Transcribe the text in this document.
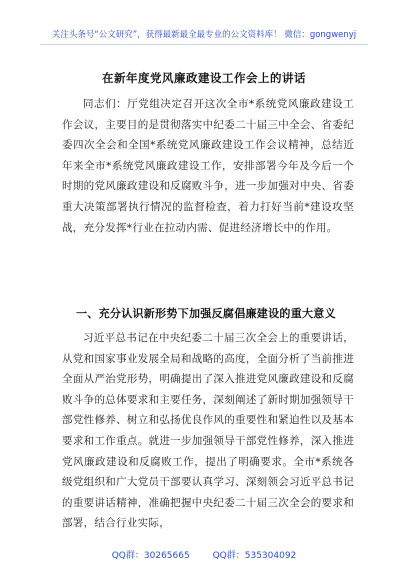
关注头条号“公文研究”，获得最新最全最专业的公文资料库！ 微信：gongwenyj
在新年度党风廉政建设工作会上的讲话
同志们：厅党组决定召开这次全市*系统党风廉政建设工作会议，主要目的是贯彻落实中纪委二十届三中全会、省委纪委四次全会和全国*系统党风廉政建设工作会议精神，总结近年来全市*系统党风廉政建设工作，安排部署今年及今后一个时期的党风廉政建设和反腐败斗争，进一步加强对中央、省委重大决策部署执行情况的监督检查，着力打好当前*建设攻坚战，充分发挥*行业在拉动内需、促进经济增长中的作用。
一、充分认识新形势下加强反腐倡廉建设的重大意义
习近平总书记在中央纪委二十届三次全会上的重要讲话，从党和国家事业发展全局和战略的高度，全面分析了当前推进全面从严治党形势，明确提出了深入推进党风廉政建设和反腐败斗争的总体要求和主要任务，深刻阐述了新时期加强领导干部党性修养、树立和弘扬优良作风的重要性和紧迫性以及基本要求和工作重点。就进一步加强领导干部党性修养，深入推进党风廉政建设和反腐败工作，提出了明确要求。全市*系统各级党组织和广大党员干部要认真学习、深刻领会习近平总书记的重要讲话精神，准确把握中央纪委二十届三次全会的要求和部署，结合行业实际，
QQ群：30265665	QQ群：535304092
